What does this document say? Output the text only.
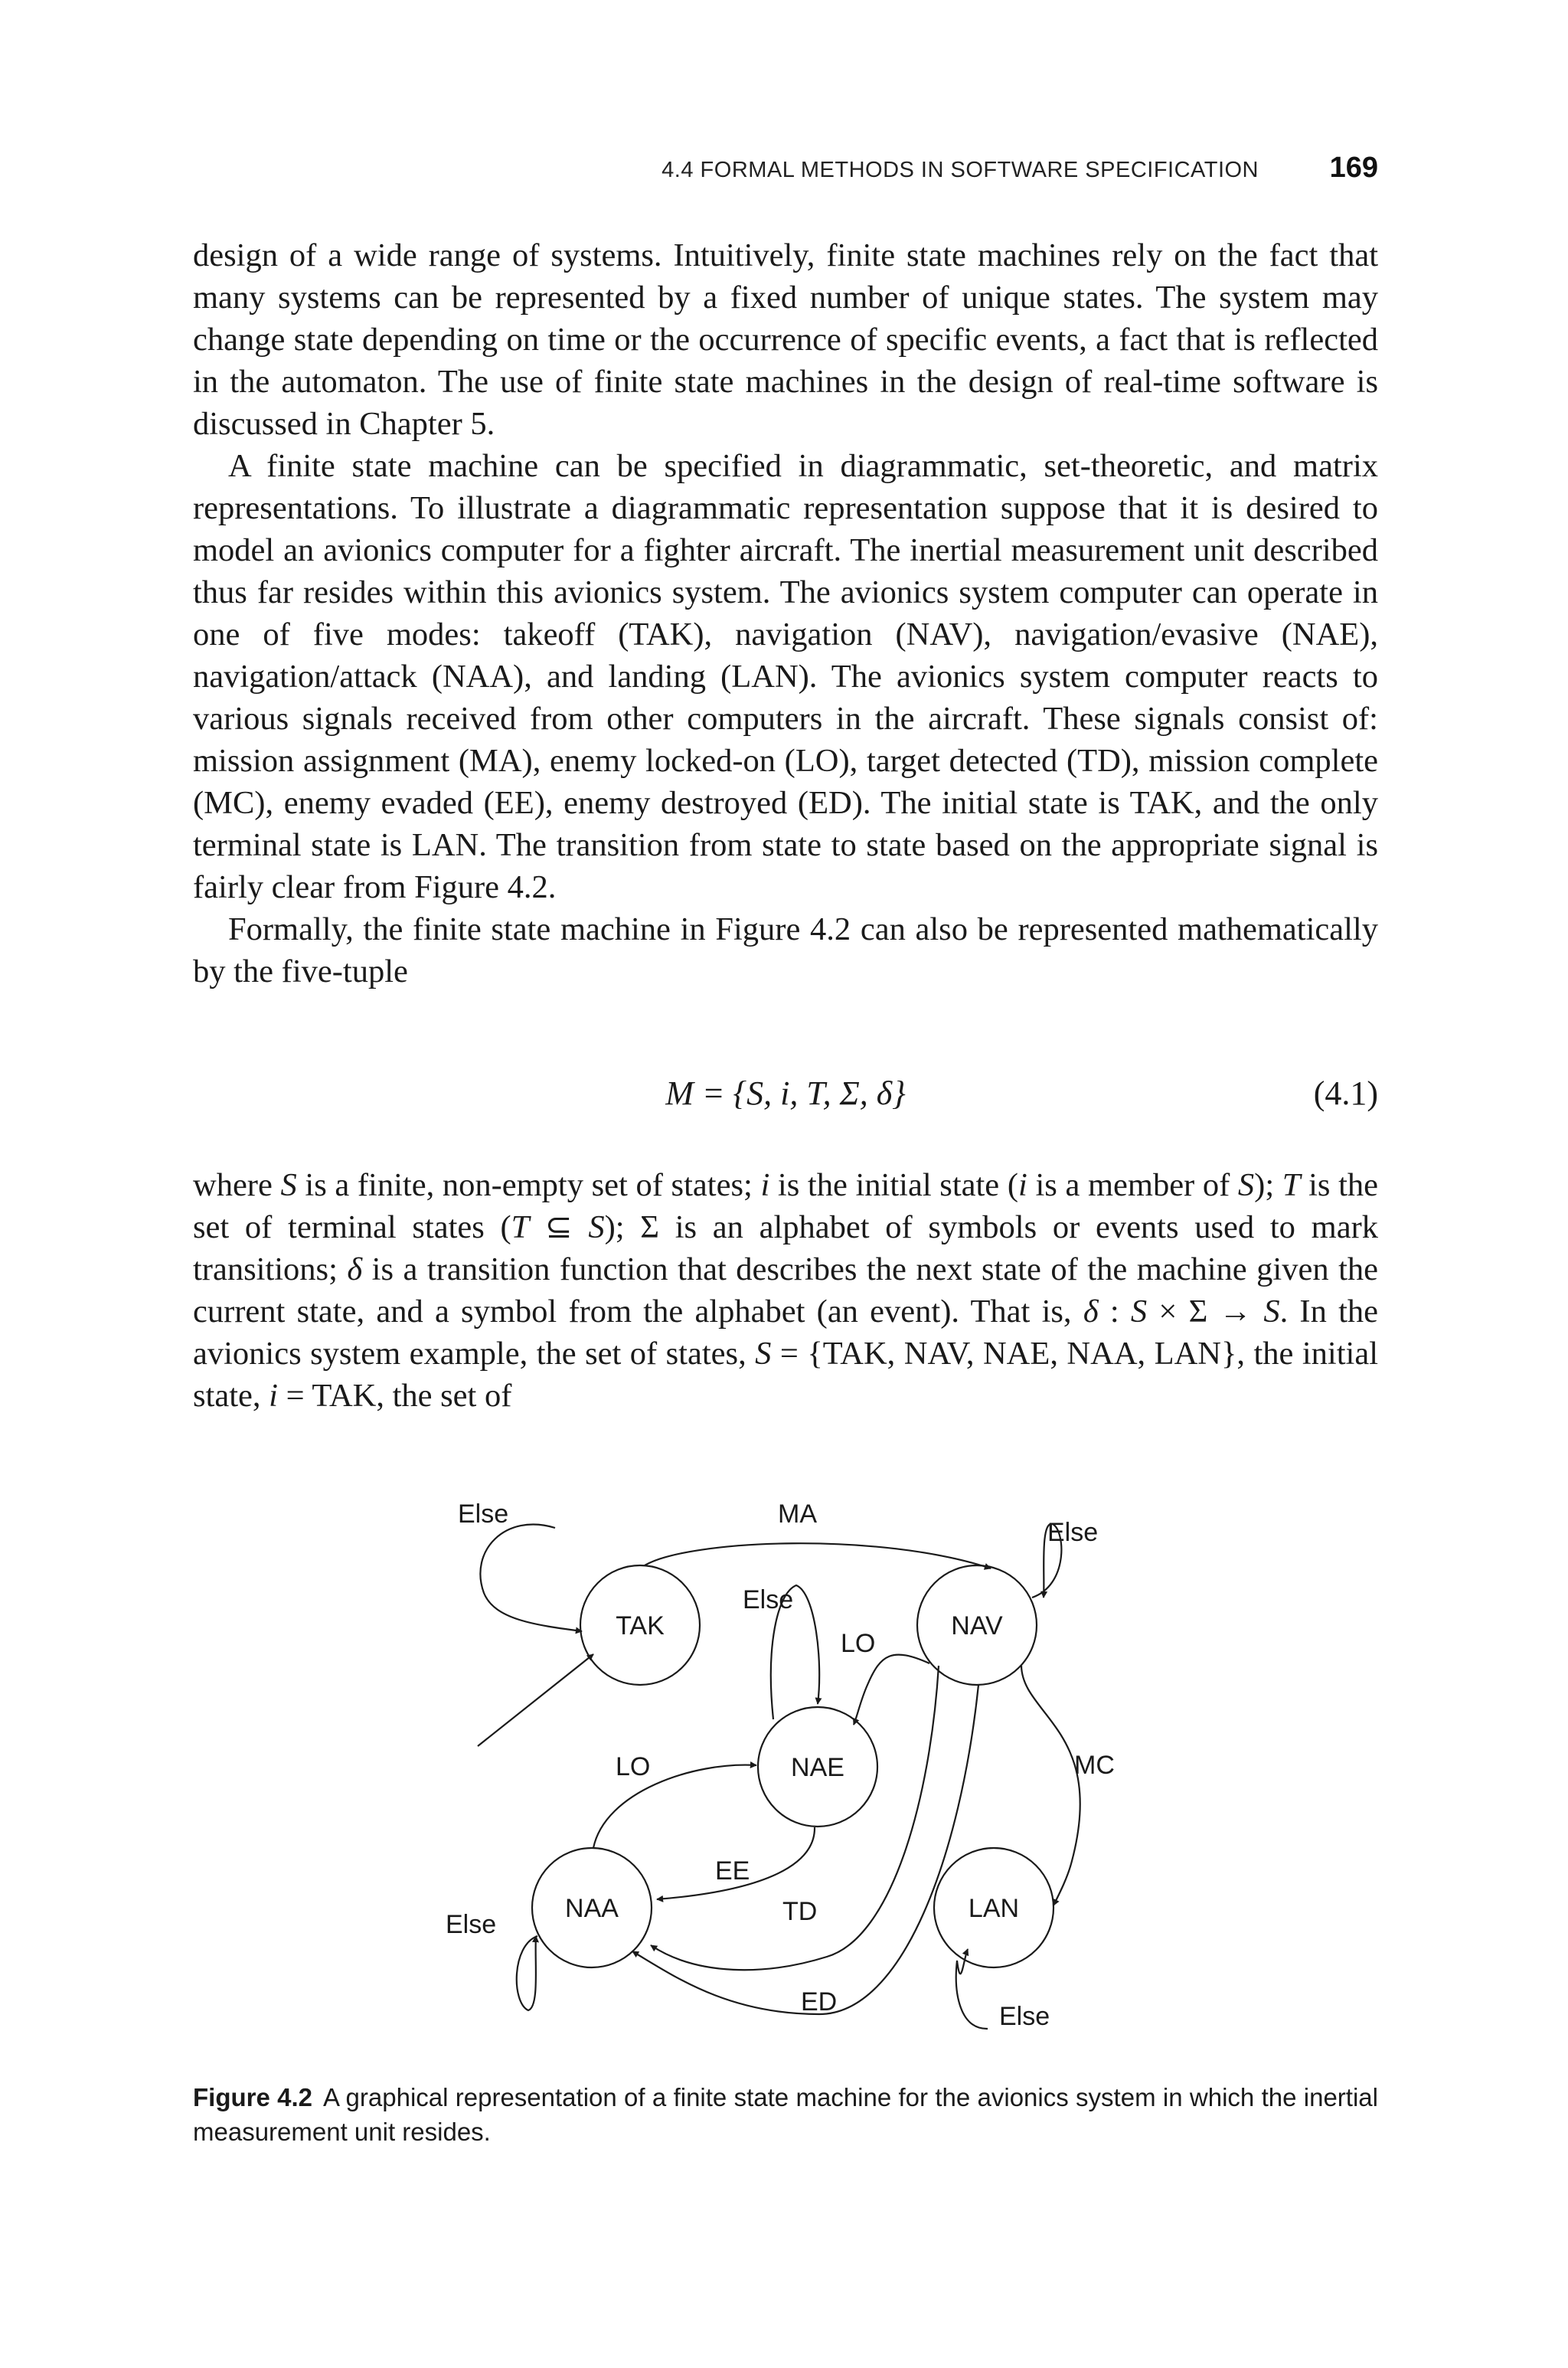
4.4 FORMAL METHODS IN SOFTWARE SPECIFICATION 169

design of a wide range of systems. Intuitively, finite state machines rely on the fact that many systems can be represented by a fixed number of unique states. The system may change state depending on time or the occurrence of specific events, a fact that is reflected in the automaton. The use of finite state machines in the design of real-time software is discussed in Chapter 5.

A finite state machine can be specified in diagrammatic, set-theoretic, and matrix representations. To illustrate a diagrammatic representation suppose that it is desired to model an avionics computer for a fighter aircraft. The inertial measurement unit described thus far resides within this avionics system. The avionics system computer can operate in one of five modes: takeoff (TAK), navigation (NAV), navigation/evasive (NAE), navigation/attack (NAA), and landing (LAN). The avionics system computer reacts to various signals received from other computers in the aircraft. These signals consist of: mission assignment (MA), enemy locked-on (LO), target detected (TD), mission complete (MC), enemy evaded (EE), enemy destroyed (ED). The initial state is TAK, and the only terminal state is LAN. The transition from state to state based on the appropriate signal is fairly clear from Figure 4.2.

Formally, the finite state machine in Figure 4.2 can also be represented mathematically by the five-tuple

M = {S, i, T, Σ, δ}	(4.1)

where S is a finite, non-empty set of states; i is the initial state (i is a member of S); T is the set of terminal states (T ⊆ S); Σ is an alphabet of symbols or events used to mark transitions; δ is a transition function that describes the next state of the machine given the current state, and a symbol from the alphabet (an event). That is, δ : S × Σ → S. In the avionics system example, the set of states, S = {TAK, NAV, NAE, NAA, LAN}, the initial state, i = TAK, the set of

TAK	NAV
NAE
NAA	LAN
Else	MA
Else
Else
LO
MC
LO
EE
TD
ED
Else
Else
Figure 4.2 A graphical representation of a finite state machine for the avionics system in which the inertial measurement unit resides.
